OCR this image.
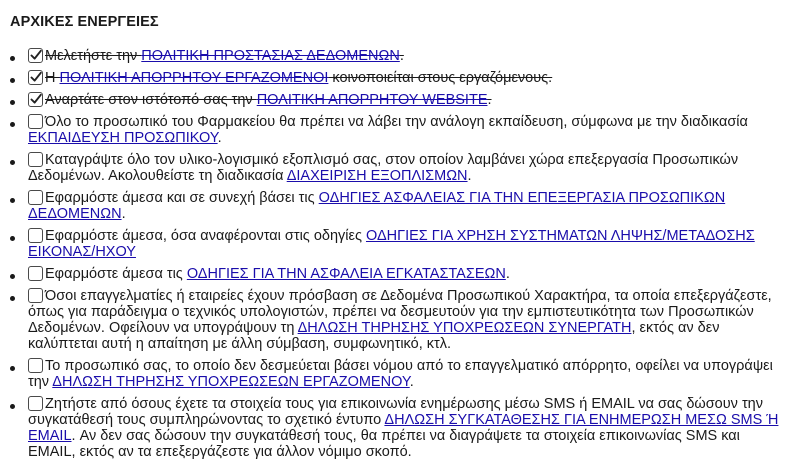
ΑΡΧΙΚΕΣ ΕΝΕΡΓΕΙΕΣ
Μελετήστε την ΠΟΛΙΤΙΚΗ ΠΡΟΣΤΑΣΙΑΣ ΔΕΔΟΜΕΝΩΝ.
Η ΠΟΛΙΤΙΚΗ ΑΠΟΡΡΗΤΟΥ ΕΡΓΑΖΟΜΕΝΟΙ κοινοποιείται στους εργαζόμενους.
Αναρτάτε στον ιστότοπό σας την ΠΟΛΙΤΙΚΗ ΑΠΟΡΡΗΤΟΥ WEBSITE.
Όλο το προσωπικό του Φαρμακείου θα πρέπει να λάβει την ανάλογη εκπαίδευση, σύμφωνα με την διαδικασία ΕΚΠΑΙΔΕΥΣΗ ΠΡΟΣΩΠΙΚΟΥ.
Καταγράψτε όλο τον υλικο-λογισμικό εξοπλισμό σας, στον οποίον λαμβάνει χώρα επεξεργασία Προσωπικών Δεδομένων. Ακολουθείστε τη διαδικασία ΔΙΑΧΕΙΡΙΣΗ ΕΞΟΠΛΙΣΜΩΝ.
Εφαρμόστε άμεσα και σε συνεχή βάσει τις ΟΔΗΓΙΕΣ ΑΣΦΑΛΕΙΑΣ ΓΙΑ ΤΗΝ ΕΠΕΞΕΡΓΑΣΙΑ ΠΡΟΣΩΠΙΚΩΝ ΔΕΔΟΜΕΝΩΝ.
Εφαρμόστε άμεσα, όσα αναφέρονται στις οδηγίες ΟΔΗΓΙΕΣ ΓΙΑ ΧΡΗΣΗ ΣΥΣΤΗΜΑΤΩΝ ΛΗΨΗΣ/ΜΕΤΑΔΟΣΗΣ ΕΙΚΟΝΑΣ/ΗΧΟΥ
Εφαρμόστε άμεσα τις ΟΔΗΓΙΕΣ ΓΙΑ ΤΗΝ ΑΣΦΑΛΕΙΑ ΕΓΚΑΤΑΣΤΑΣΕΩΝ.
Όσοι επαγγελματίες ή εταιρείες έχουν πρόσβαση σε Δεδομένα Προσωπικού Χαρακτήρα, τα οποία επεξεργάζεστε, όπως για παράδειγμα ο τεχνικός υπολογιστών, πρέπει να δεσμευτούν για την εμπιστευτικότητα των Προσωπικών Δεδομένων. Οφείλουν να υπογράψουν τη ΔΗΛΩΣΗ ΤΗΡΗΣΗΣ ΥΠΟΧΡΕΩΣΕΩΝ ΣΥΝΕΡΓΑΤΗ, εκτός αν δεν καλύπτεται αυτή η απαίτηση με άλλη σύμβαση, συμφωνητικό, κτλ.
Το προσωπικό σας, το οποίο δεν δεσμεύεται βάσει νόμου από το επαγγελματικό απόρρητο, οφείλει να υπογράψει την ΔΗΛΩΣΗ ΤΗΡΗΣΗΣ ΥΠΟΧΡΕΩΣΕΩΝ ΕΡΓΑΖΟΜΕΝΟΥ.
Ζητήστε από όσους έχετε τα στοιχεία τους για επικοινωνία ενημέρωσης μέσω SMS ή EMAIL να σας δώσουν την συγκατάθεσή τους συμπληρώνοντας το σχετικό έντυπο ΔΗΛΩΣΗ ΣΥΓΚΑΤΑΘΕΣΗΣ ΓΙΑ ΕΝΗΜΕΡΩΣΗ ΜΕΣΩ SMS Ή EMAIL. Αν δεν σας δώσουν την συγκατάθεσή τους, θα πρέπει να διαγράψετε τα στοιχεία επικοινωνίας SMS και EMAIL, εκτός αν τα επεξεργάζεστε για άλλον νόμιμο σκοπό.
